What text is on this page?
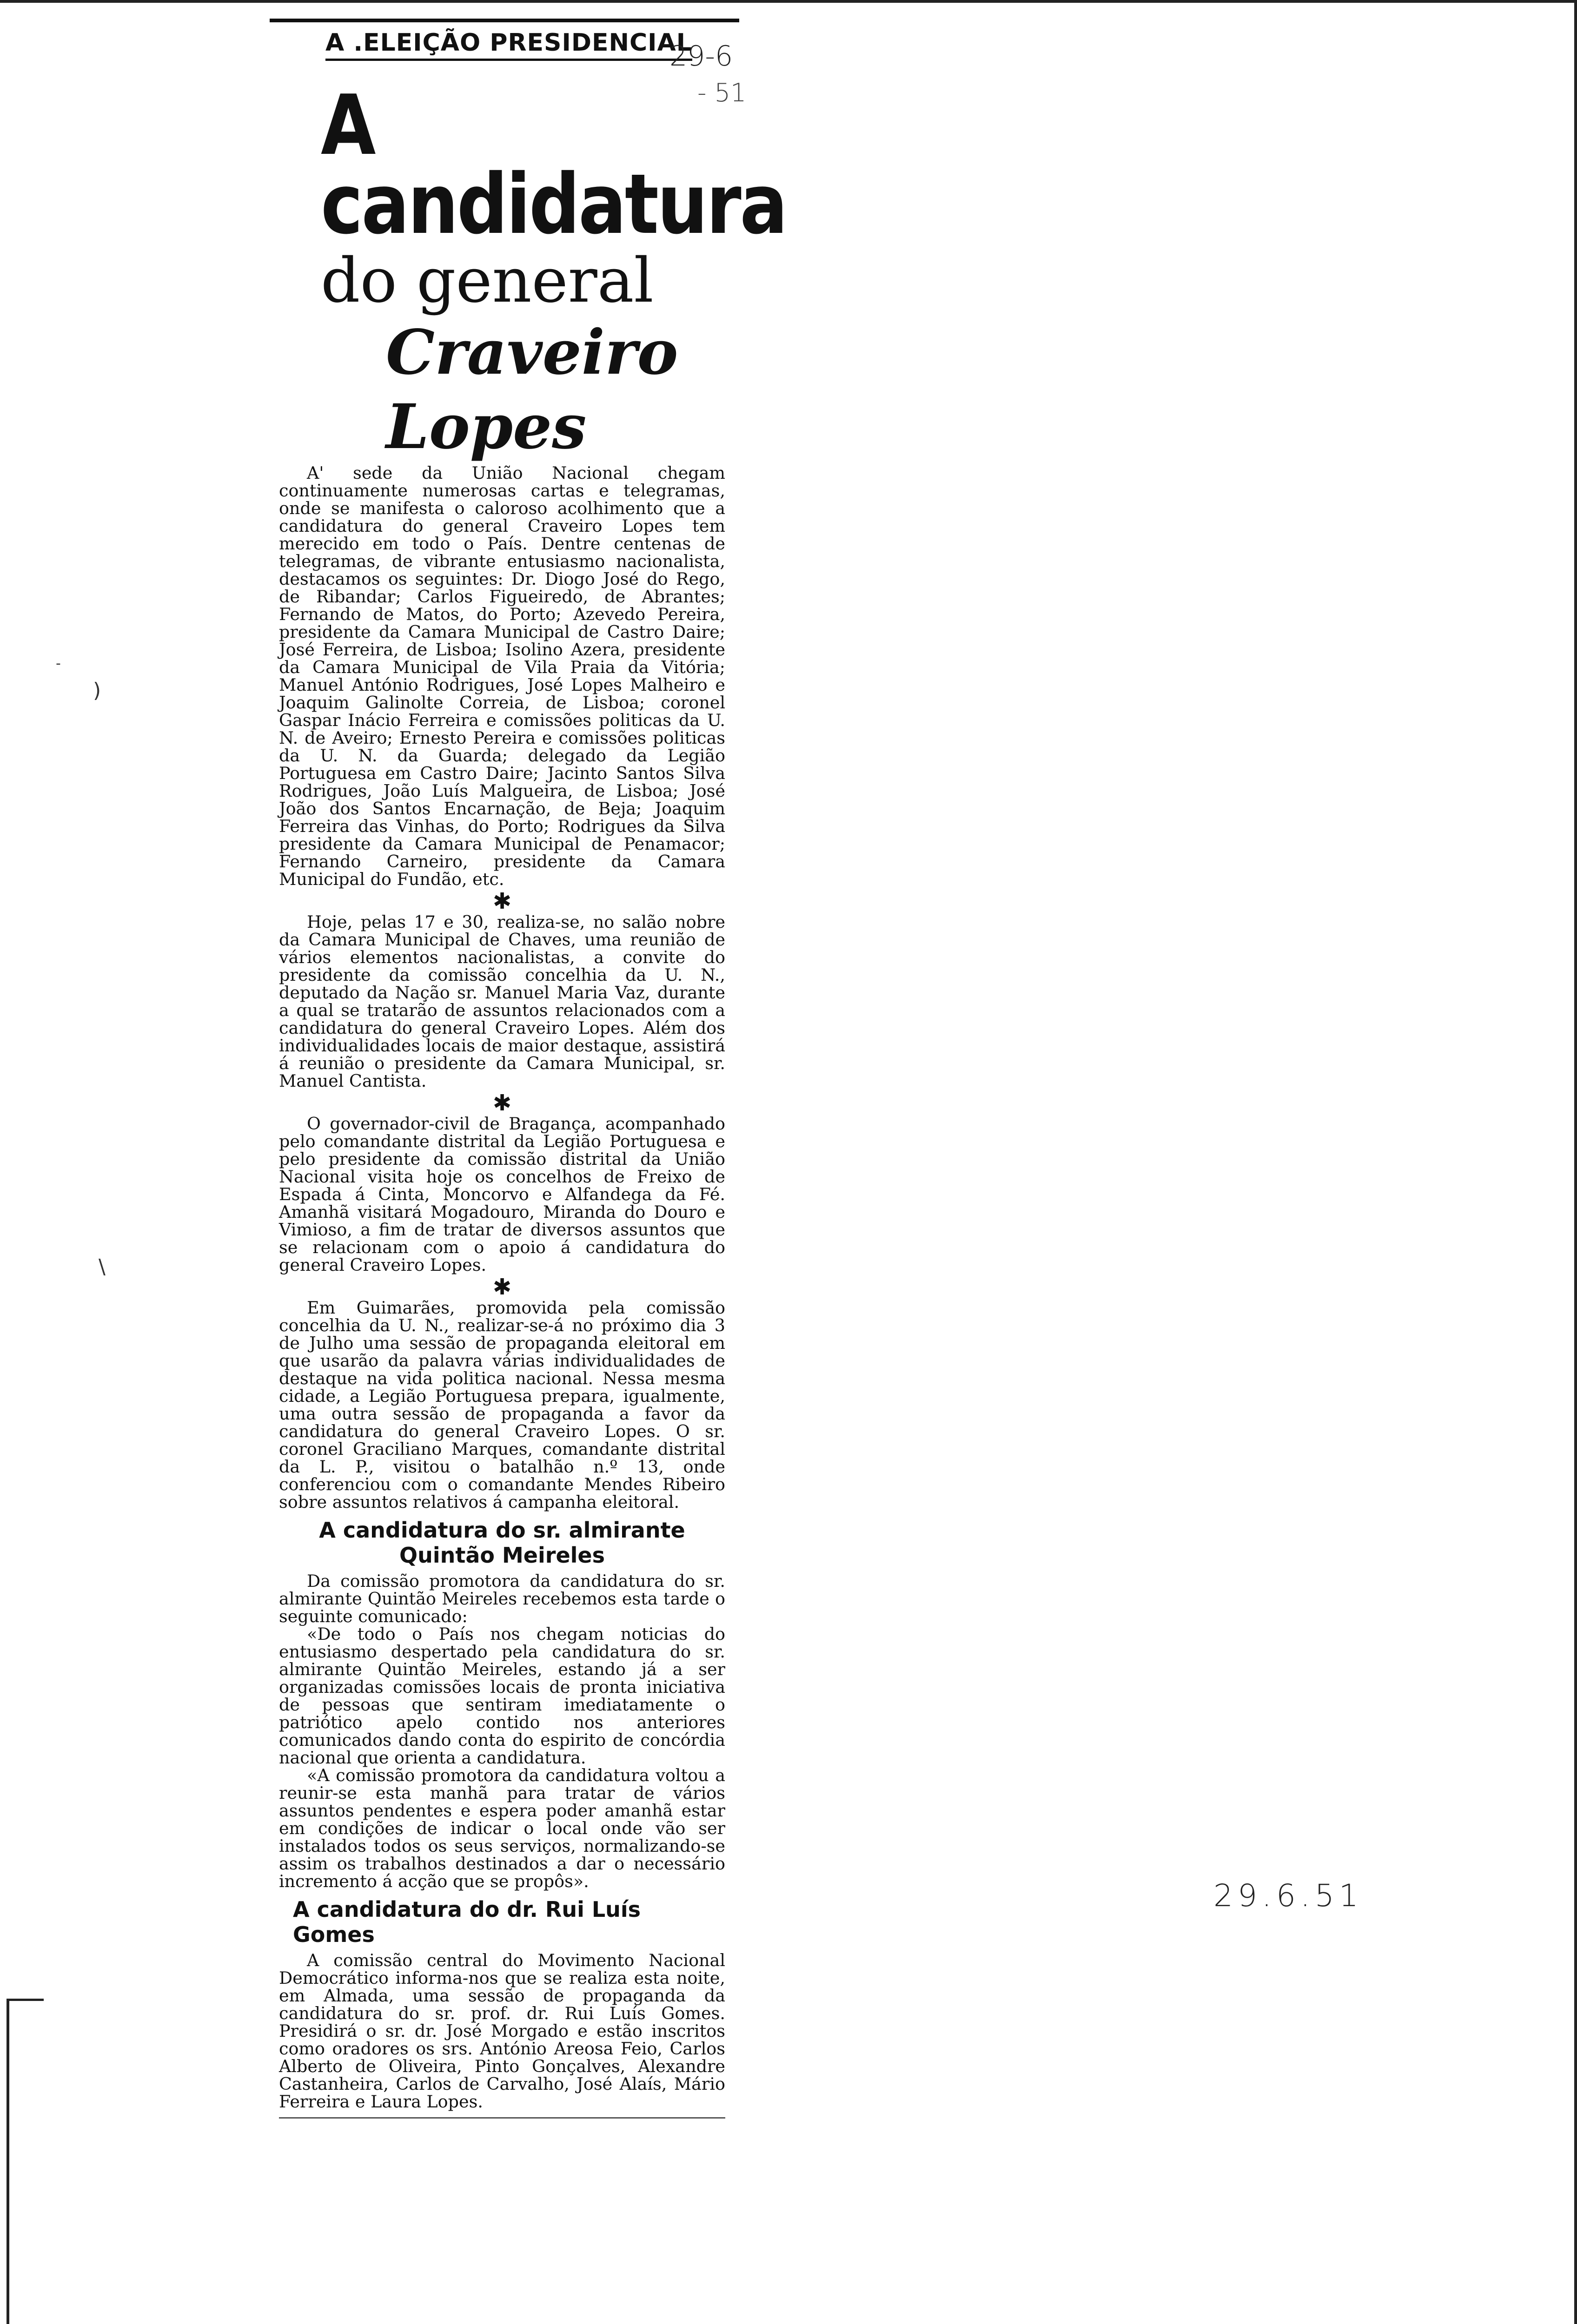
A .ELEIÇÃO PRESIDENCIAL
A candidatura
do general
Craveiro Lopes

A' sede da União Nacional chegam continuamente numerosas cartas e telegramas, onde se manifesta o caloroso acolhimento que a candidatura do general Craveiro Lopes tem merecido em todo o País. Dentre centenas de telegramas, de vibrante entusiasmo nacionalista, destacamos os seguintes: Dr. Diogo José do Rego, de Ribandar; Carlos Figueiredo, de Abrantes; Fernando de Matos, do Porto; Azevedo Pereira, presidente da Camara Municipal de Castro Daire; José Ferreira, de Lisboa; Isolino Azera, presidente da Camara Municipal de Vila Praia da Vitória; Manuel António Rodrigues, José Lopes Malheiro e Joaquim Galinolte Correia, de Lisboa; coronel Gaspar Inácio Ferreira e comissões politicas da U. N. de Aveiro; Ernesto Pereira e comissões politicas da U. N. da Guarda; delegado da Legião Portuguesa em Castro Daire; Jacinto Santos Silva Rodrigues, João Luís Malgueira, de Lisboa; José João dos Santos Encarnação, de Beja; Joaquim Ferreira das Vinhas, do Porto; Rodrigues da Silva presidente da Camara Municipal de Penamacor; Fernando Carneiro, presidente da Camara Municipal do Fundão, etc.

✱

Hoje, pelas 17 e 30, realiza-se, no salão nobre da Camara Municipal de Chaves, uma reunião de vários elementos nacionalistas, a convite do presidente da comissão concelhia da U. N., deputado da Nação sr. Manuel Maria Vaz, durante a qual se tratarão de assuntos relacionados com a candidatura do general Craveiro Lopes. Além dos individualidades locais de maior destaque, assistirá á reunião o presidente da Camara Municipal, sr. Manuel Cantista.

✱

O governador-civil de Bragança, acompanhado pelo comandante distrital da Legião Portuguesa e pelo presidente da comissão distrital da União Nacional visita hoje os concelhos de Freixo de Espada á Cinta, Moncorvo e Alfandega da Fé. Amanhã visitará Mogadouro, Miranda do Douro e Vimioso, a fim de tratar de diversos assuntos que se relacionam com o apoio á candidatura do general Craveiro Lopes.

✱

Em Guimarães, promovida pela comissão concelhia da U. N., realizar-se-á no próximo dia 3 de Julho uma sessão de propaganda eleitoral em que usarão da palavra várias individualidades de destaque na vida politica nacional. Nessa mesma cidade, a Legião Portuguesa prepara, igualmente, uma outra sessão de propaganda a favor da candidatura do general Craveiro Lopes. O sr. coronel Graciliano Marques, comandante distrital da L. P., visitou o batalhão n.º 13, onde conferenciou com o comandante Mendes Ribeiro sobre assuntos relativos á campanha eleitoral.

A candidatura do sr. almirante
Quintão Meireles

Da comissão promotora da candidatura do sr. almirante Quintão Meireles recebemos esta tarde o seguinte comunicado:

«De todo o País nos chegam noticias do entusiasmo despertado pela candidatura do sr. almirante Quintão Meireles, estando já a ser organizadas comissões locais de pronta iniciativa de pessoas que sentiram imediatamente o patriótico apelo contido nos anteriores comunicados dando conta do espirito de concórdia nacional que orienta a candidatura.

«A comissão promotora da candidatura voltou a reunir-se esta manhã para tratar de vários assuntos pendentes e espera poder amanhã estar em condições de indicar o local onde vão ser instalados todos os seus serviços, normalizando-se assim os trabalhos destinados a dar o necessário incremento á acção que se propôs».

A candidatura do dr. Rui Luís Gomes

A comissão central do Movimento Nacional Democrático informa-nos que se realiza esta noite, em Almada, uma sessão de propaganda da candidatura do sr. prof. dr. Rui Luís Gomes. Presidirá o sr. dr. José Morgado e estão inscritos como oradores os srs. António Areosa Feio, Carlos Alberto de Oliveira, Pinto Gonçalves, Alexandre Castanheira, Carlos de Carvalho, José Alaís, Mário Ferreira e Laura Lopes.

29-6
- 51
29.6.51
)
\
-
